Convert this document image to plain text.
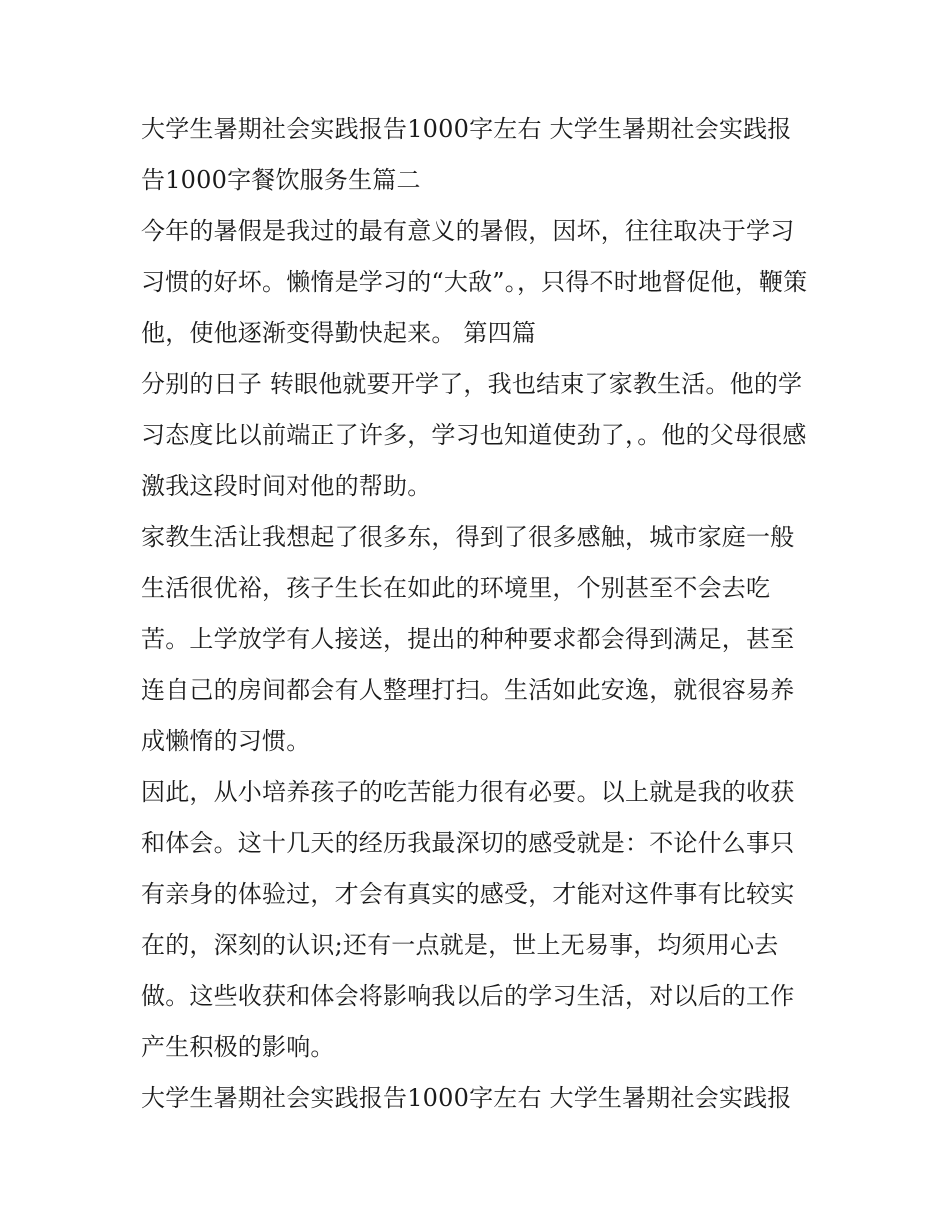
大学生暑期社会实践报告1000字左右 大学生暑期社会实践报告1000字餐饮服务生篇二

今年的暑假是我过的最有意义的暑假，因坏，往往取决于学习习惯的好坏。懒惰是学习的“大敌”。，只得不时地督促他，鞭策他，使他逐渐变得勤快起来。 第四篇

分别的日子 转眼他就要开学了，我也结束了家教生活。他的学习态度比以前端正了许多，学习也知道使劲了，。他的父母很感激我这段时间对他的帮助。

家教生活让我想起了很多东，得到了很多感触，城市家庭一般生活很优裕，孩子生长在如此的环境里，个别甚至不会去吃苦。上学放学有人接送，提出的种种要求都会得到满足，甚至连自己的房间都会有人整理打扫。生活如此安逸，就很容易养成懒惰的习惯。

因此，从小培养孩子的吃苦能力很有必要。以上就是我的收获和体会。这十几天的经历我最深切的感受就是：不论什么事只有亲身的体验过，才会有真实的感受，才能对这件事有比较实在的，深刻的认识;还有一点就是，世上无易事，均须用心去做。这些收获和体会将影响我以后的学习生活，对以后的工作产生积极的影响。

大学生暑期社会实践报告1000字左右 大学生暑期社会实践报
